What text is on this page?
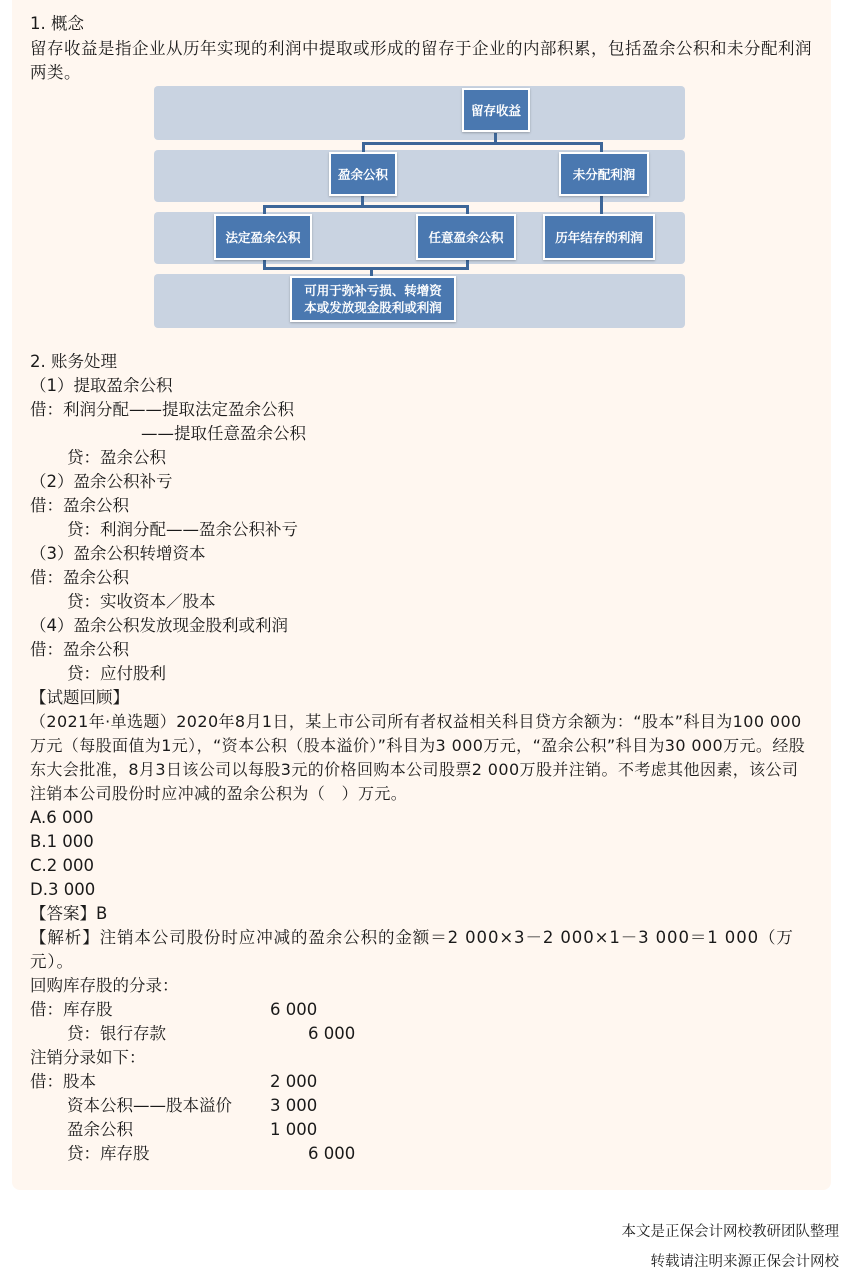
1. 概念
留存收益是指企业从历年实现的利润中提取或形成的留存于企业的内部积累，包括盈余公积和未分配利润两类。
留存收益
盈余公积	未分配利润
法定盈余公积	任意盈余公积	历年结存的利润
可用于弥补亏损、转增资
本或发放现金股利或利润
2. 账务处理
（1）提取盈余公积
借：利润分配——提取法定盈余公积
——提取任意盈余公积
贷：盈余公积
（2）盈余公积补亏
借：盈余公积
贷：利润分配——盈余公积补亏
（3）盈余公积转增资本
借：盈余公积
贷：实收资本／股本
（4）盈余公积发放现金股利或利润
借：盈余公积
贷：应付股利
【试题回顾】
（2021年·单选题）2020年8月1日，某上市公司所有者权益相关科目贷方余额为：“股本”科目为100 000万元（每股面值为1元），“资本公积（股本溢价）”科目为3 000万元，“盈余公积”科目为30 000万元。经股东大会批准，8月3日该公司以每股3元的价格回购本公司股票2 000万股并注销。不考虑其他因素，该公司注销本公司股份时应冲减的盈余公积为（　）万元。
A.6 000
B.1 000
C.2 000
D.3 000
【答案】B
【解析】注销本公司股份时应冲减的盈余公积的金额＝2 000×3－2 000×1－3 000＝1 000（万元）。
回购库存股的分录：
借：库存股	6 000
贷：银行存款	6 000
注销分录如下：
借：股本	2 000
资本公积——股本溢价 3 000
盈余公积	1 000
贷：库存股	6 000
本文是正保会计网校教研团队整理
转载请注明来源正保会计网校
